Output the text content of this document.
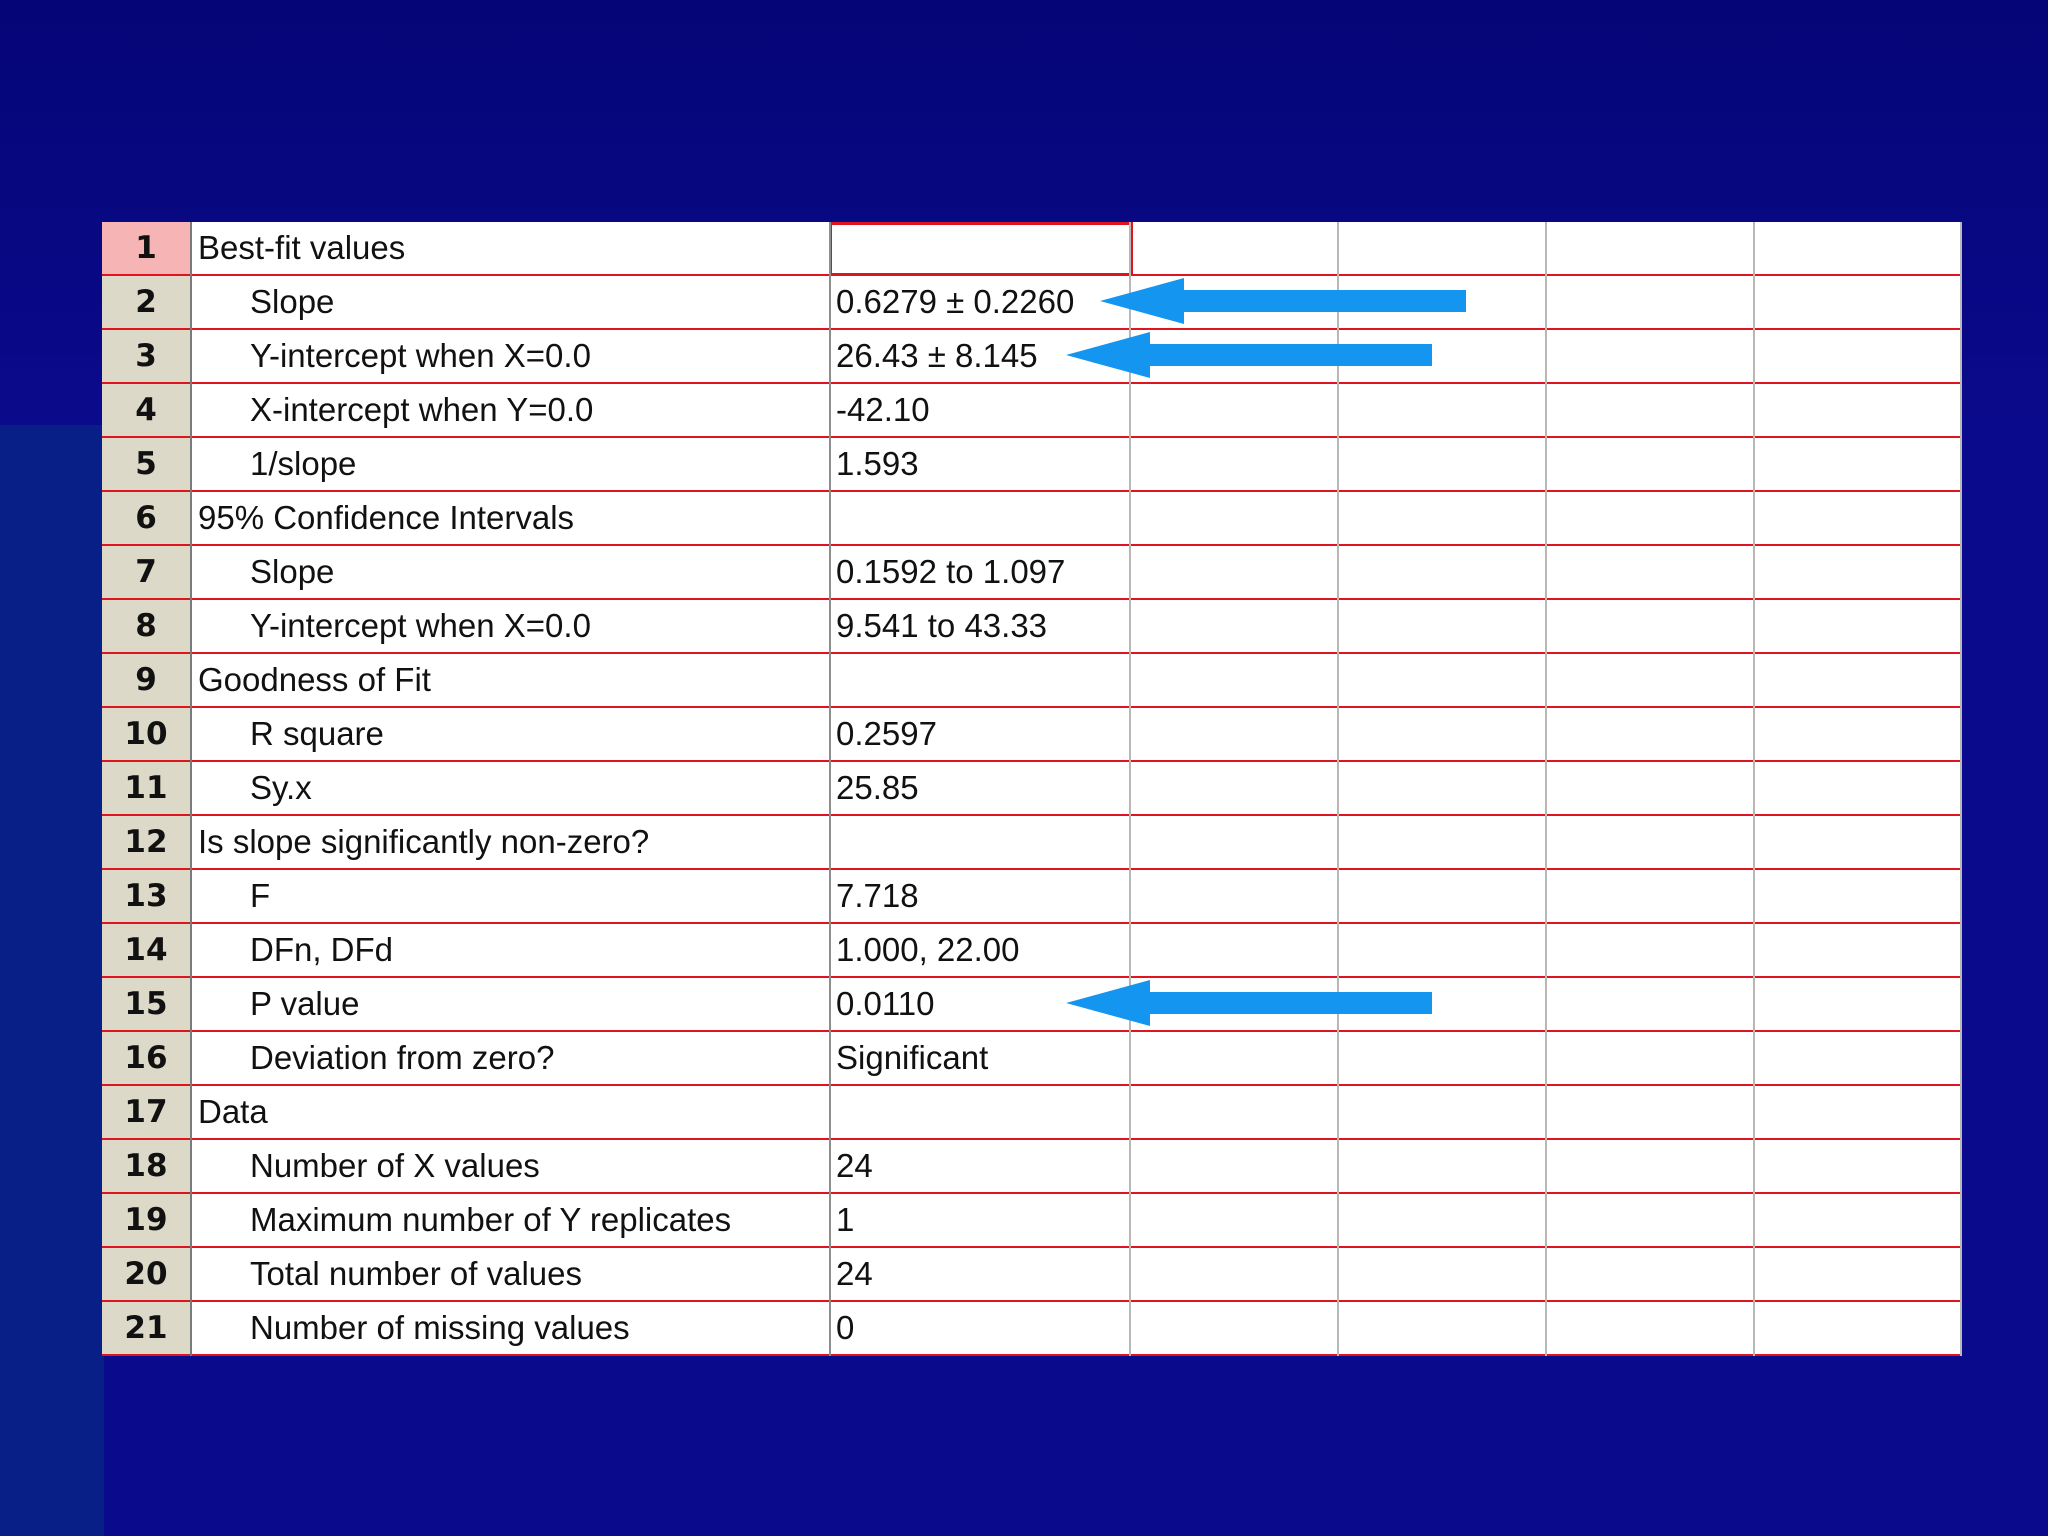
21	Number of missing values	0
20	Total number of values	24
19	Maximum number of Y replicates	1
18	Number of X values	24
17 Data
16	Deviation from zero?	Significant
15	P value	0.0110
14	DFn, DFd	1.000, 22.00
13	F	7.718
12 Is slope significantly non-zero?
11	Sy.x	25.85
10	R square	0.2597
9	Goodness of Fit
8	Y-intercept when X=0.0	9.541 to 43.33
7	Slope	0.1592 to 1.097
6	95% Confidence Intervals
5	1/slope	1.593
4	X-intercept when Y=0.0	-42.10
3	Y-intercept when X=0.0	26.43 ± 8.145
2	Slope	0.6279 ± 0.2260
1	Best-fit values
